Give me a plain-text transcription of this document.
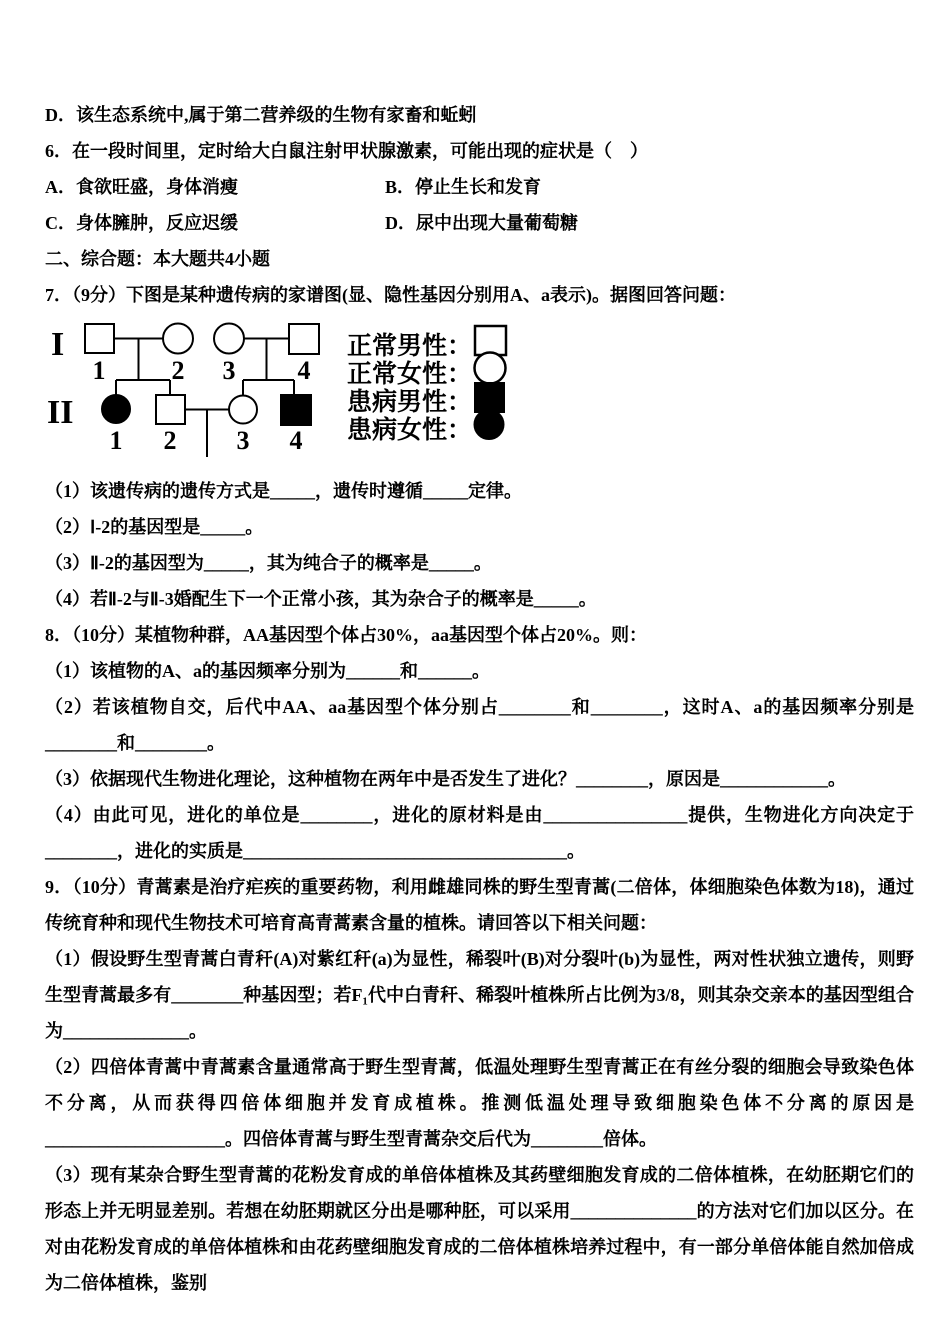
D．该生态系统中,属于第二营养级的生物有家畜和蚯蚓

6．在一段时间里，定时给大白鼠注射甲状腺激素，可能出现的症状是（　）

A．食欲旺盛，身体消瘦	B．停止生长和发育
C．身体臃肿，反应迟缓	D．尿中出现大量葡萄糖

二、综合题：本大题共4小题

7．（9分）下图是某种遗传病的家谱图(显、隐性基因分别用A、a表示)。据图回答问题：

I
II
1	2 3 4
1 2 3 4
正常男性：
正常女性：
患病男性：
患病女性：

（1）该遗传病的遗传方式是_____，遗传时遵循_____定律。

（2）Ⅰ-2的基因型是_____。

（3）Ⅱ-2的基因型为_____，其为纯合子的概率是_____。

（4）若Ⅱ-2与Ⅱ-3婚配生下一个正常小孩，其为杂合子的概率是_____。

8．（10分）某植物种群，AA基因型个体占30%，aa基因型个体占20%。则：

（1）该植物的A、a的基因频率分别为______和______。

（2）若该植物自交，后代中AA、aa基因型个体分别占________和________，这时A、a的基因频率分别是________和________。

（3）依据现代生物进化理论，这种植物在两年中是否发生了进化？________，原因是____________。

（4）由此可见，进化的单位是________，进化的原材料是由________________提供，生物进化方向决定于________，进化的实质是____________________________________。

9．（10分）青蒿素是治疗疟疾的重要药物，利用雌雄同株的野生型青蒿(二倍体，体细胞染色体数为18)，通过传统育种和现代生物技术可培育高青蒿素含量的植株。请回答以下相关问题：

（1）假设野生型青蒿白青秆(A)对紫红秆(a)为显性，稀裂叶(B)对分裂叶(b)为显性，两对性状独立遗传，则野生型青蒿最多有________种基因型；若F₁代中白青秆、稀裂叶植株所占比例为3/8，则其杂交亲本的基因型组合为______________。

（2）四倍体青蒿中青蒿素含量通常高于野生型青蒿，低温处理野生型青蒿正在有丝分裂的细胞会导致染色体不分离，从而获得四倍体细胞并发育成植株。推测低温处理导致细胞染色体不分离的原因是____________________。四倍体青蒿与野生型青蒿杂交后代为________倍体。

（3）现有某杂合野生型青蒿的花粉发育成的单倍体植株及其药壁细胞发育成的二倍体植株，在幼胚期它们的形态上并无明显差别。若想在幼胚期就区分出是哪种胚，可以采用______________的方法对它们加以区分。在对由花粉发育成的单倍体植株和由花药壁细胞发育成的二倍体植株培养过程中，有一部分单倍体能自然加倍成为二倍体植株，鉴别
